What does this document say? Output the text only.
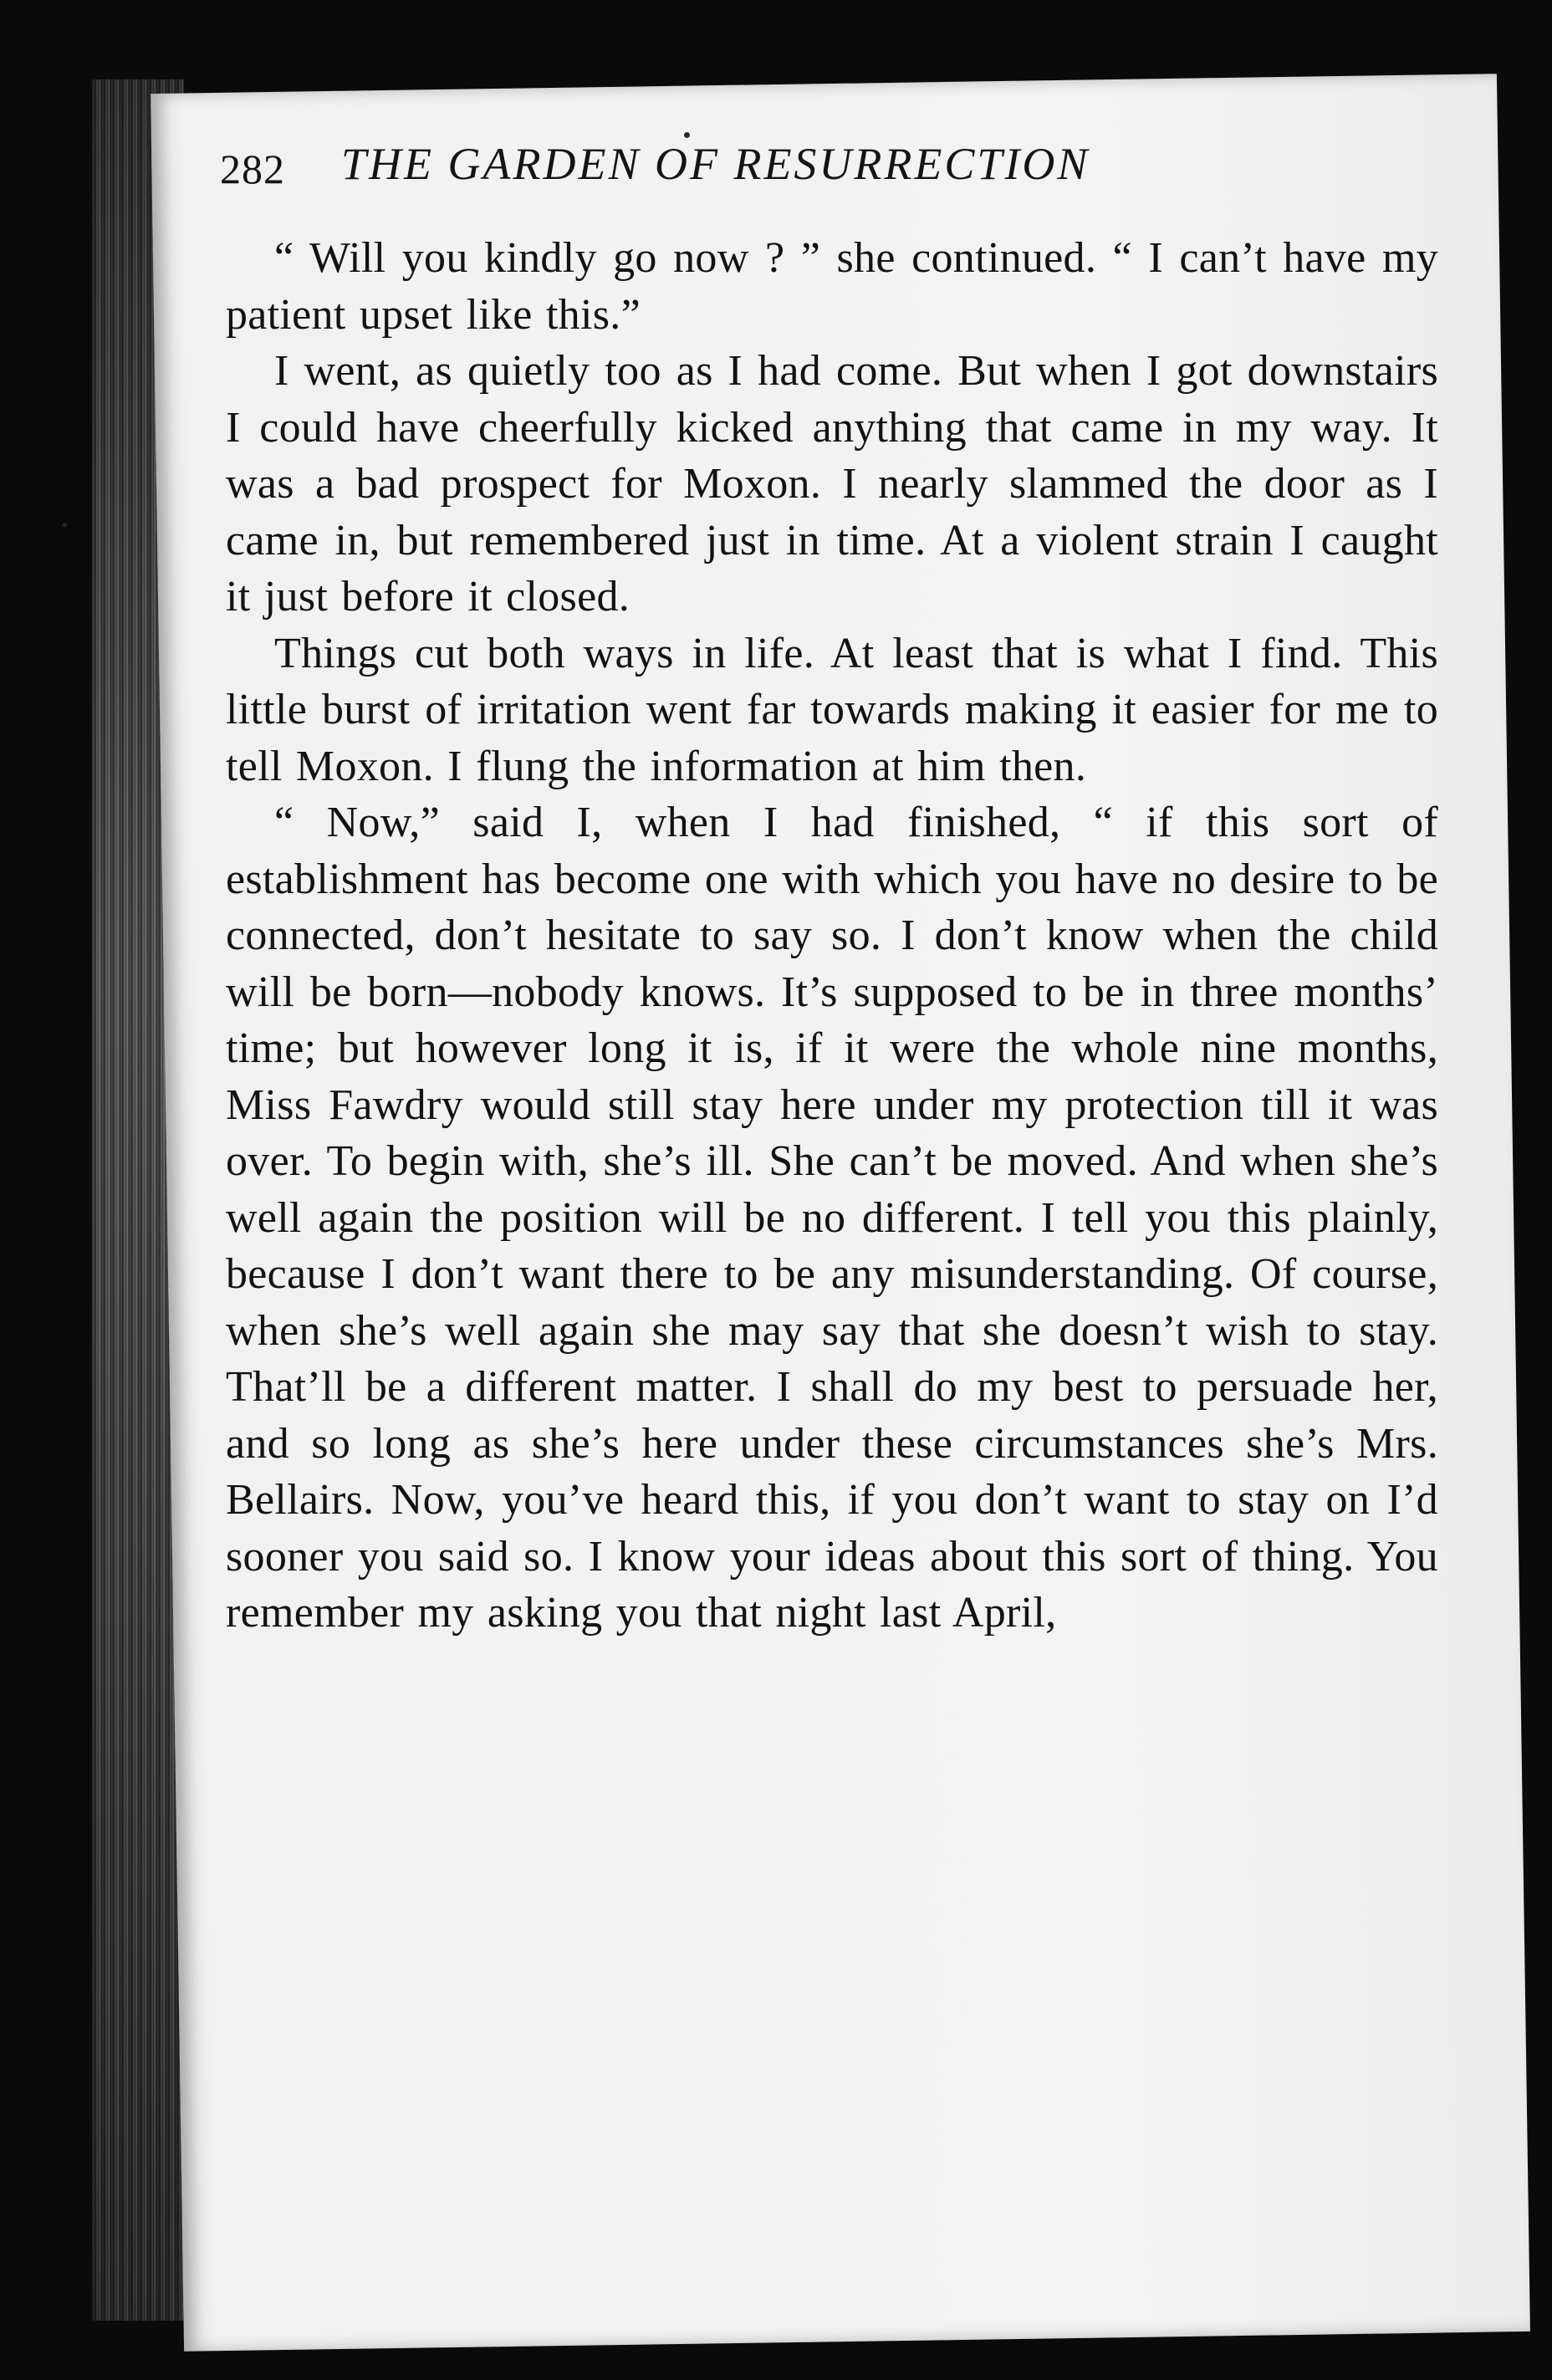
282 THE GARDEN OF RESURRECTION

“ Will you kindly go now ? ” she continued. “ I can’t have my patient upset like this.”

I went, as quietly too as I had come. But when I got downstairs I could have cheerfully kicked anything that came in my way. It was a bad prospect for Moxon. I nearly slammed the door as I came in, but remembered just in time. At a violent strain I caught it just before it closed.

Things cut both ways in life. At least that is what I find. This little burst of irritation went far towards making it easier for me to tell Moxon. I flung the information at him then.

“ Now,” said I, when I had finished, “ if this sort of establishment has become one with which you have no desire to be connected, don’t hesitate to say so. I don’t know when the child will be born—nobody knows. It’s supposed to be in three months’ time; but however long it is, if it were the whole nine months, Miss Fawdry would still stay here under my protection till it was over. To begin with, she’s ill. She can’t be moved. And when she’s well again the position will be no different. I tell you this plainly, because I don’t want there to be any misunderstanding. Of course, when she’s well again she may say that she doesn’t wish to stay. That’ll be a different matter. I shall do my best to persuade her, and so long as she’s here under these circumstances she’s Mrs. Bellairs. Now, you’ve heard this, if you don’t want to stay on I’d sooner you said so. I know your ideas about this sort of thing. You remember my asking you that night last April,
